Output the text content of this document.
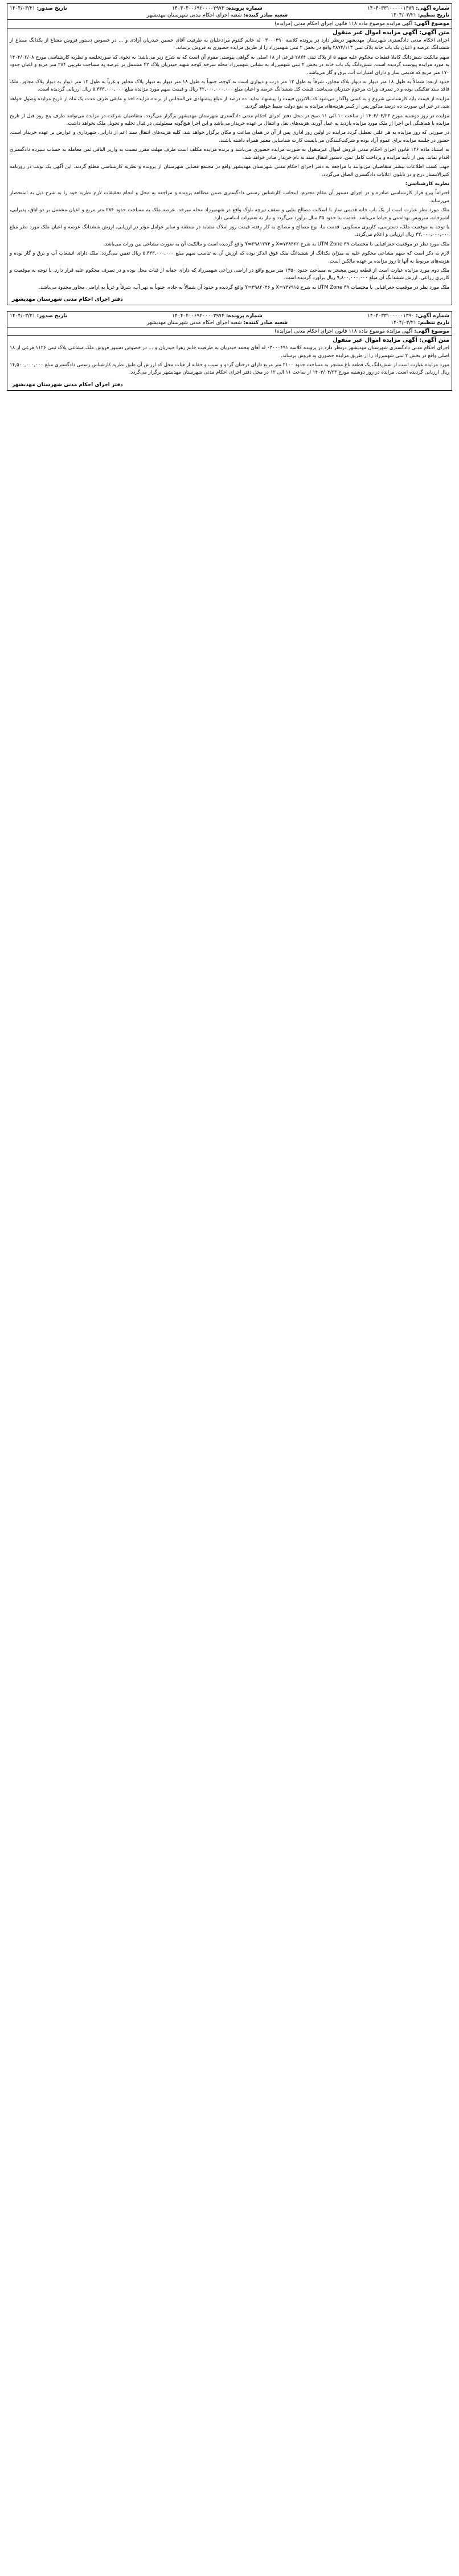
شماره آگهی: ۱۴۰۴۰۳۳۱۰۰۰۰۰۱۳۸۹
تاریخ تنظیم: ۱۴۰۴/۰۳/۲۱
شماره پرونده: ۱۴۰۴۰۴۰۰۶۹۲۰۰۰۰۳۹۷۳
شعبه صادر کننده: شعبه اجرای احکام مدنی شهرستان مهدیشهر
تاریخ صدور: ۱۴۰۴/۰۳/۲۱
موضوع آگهی: آگهی مزایده موضوع ماده ۱۱۸ قانون اجرای احکام مدنی (مزایده)
متن آگهی: آگهی مزایده اموال غیر منقول

اجرای احکام مدنی دادگستری شهرستان مهدیشهر درنظر دارد در پرونده کلاسه ۰۳۰۰۰۴۹۰ له خانم کلثوم مرادعلیان به طرفیت آقای حسین حیدریان آزادی و ... در خصوص دستور فروش مشاع از یکدانگ مشاع از ششدانگ عرصه و اعیان یک باب خانه پلاک ثبتی ۲۸۷۴/۱۱۳ واقع در بخش ۲ ثبتی شهمیرزاد را از طریق مزایده حضوری به فروش برساند.

سهم مالکیت شش‌دانگ کاملا قطعات محکوم علیه سهم ۵ از پلاک ثبتی ۲۸۷۴ فرعی از ۱۸ اصلی به گواهی پیوستی مقوم آن است که به شرح زیر می‌باشد؛ به نحوی که صورتجلسه و نظریه کارشناسی مورخ ۱۴۰۴/۰۲/۰۸ به مورد مزایده پیوست گردیده است. شش‌دانگ یک باب خانه در بخش ۲ ثبتی شهمیرزاد به نشانی شهمیرزاد محله سرخه کوچه شهید حیدریان پلاک ۴۲ مشتمل بر عرصه به مساحت تقریبی ۲۸۴ متر مربع و اعیان حدود ۱۷۰ متر مربع که قدیمی ساز و دارای امتیازات آب، برق و گاز می‌باشد.

حدود اربعه: شمالاً به طول ۱۸ متر دیوار به دیوار پلاک مجاور، شرقاً به طول ۱۲ متر درب و دیواری است به کوچه، جنوباً به طول ۱۸ متر دیوار به دیوار پلاک مجاور و غرباً به طول ۱۲ متر دیوار به دیوار پلاک مجاور. ملک فاقد سند تفکیکی بوده و در تصرف وراث مرحوم حیدریان می‌باشد. قیمت کل ششدانگ عرصه و اعیان مبلغ ۳۲,۰۰۰,۰۰۰,۰۰۰ ریال و قیمت سهم مورد مزایده مبلغ ۵,۳۳۳,۰۰۰,۰۰۰ ریال ارزیابی گردیده است.

مزایده از قیمت پایه کارشناسی شروع و به کسی واگذار می‌شود که بالاترین قیمت را پیشنهاد نماید. ده درصد از مبلغ پیشنهادی فی‌المجلس از برنده مزایده اخذ و مابقی ظرف مدت یک ماه از تاریخ مزایده وصول خواهد شد، در غیر این صورت ده درصد مذکور پس از کسر هزینه‌های مزایده به نفع دولت ضبط خواهد گردید.

مزایده در روز دوشنبه مورخ ۱۴۰۴/۰۴/۲۳ از ساعت ۱۰ الی ۱۱ صبح در محل دفتر اجرای احکام مدنی دادگستری شهرستان مهدیشهر برگزار می‌گردد. متقاضیان شرکت در مزایده می‌توانند ظرف پنج روز قبل از تاریخ مزایده با هماهنگی این اجرا از ملک مورد مزایده بازدید به عمل آورند. هزینه‌های نقل و انتقال بر عهده خریدار می‌باشد و این اجرا هیچ‌گونه مسئولیتی در قبال تخلیه و تحویل ملک نخواهد داشت.

در صورتی که روز مزایده به هر علتی تعطیل گردد مزایده در اولین روز اداری پس از آن در همان ساعت و مکان برگزار خواهد شد. کلیه هزینه‌های انتقال سند اعم از دارایی، شهرداری و عوارض بر عهده خریدار است. حضور در جلسه مزایده برای عموم آزاد بوده و شرکت‌کنندگان می‌بایست کارت شناسایی معتبر همراه داشته باشند.

به استناد ماده ۱۲۶ قانون اجرای احکام مدنی فروش اموال غیرمنقول به صورت مزایده حضوری می‌باشد و برنده مزایده مکلف است ظرف مهلت مقرر نسبت به واریز الباقی ثمن معامله به حساب سپرده دادگستری اقدام نماید. پس از تأیید مزایده و پرداخت کامل ثمن، دستور انتقال سند به نام خریدار صادر خواهد شد.

جهت کسب اطلاعات بیشتر متقاضیان می‌توانند با مراجعه به دفتر اجرای احکام مدنی شهرستان مهدیشهر واقع در مجتمع قضایی شهرستان از پرونده و نظریه کارشناسی مطلع گردند. این آگهی یک نوبت در روزنامه کثیرالانتشار درج و در تابلوی اعلانات دادگستری الصاق می‌گردد.

نظریه کارشناسی:

احتراماً پیرو قرار کارشناسی صادره و در اجرای دستور آن مقام محترم، اینجانب کارشناس رسمی دادگستری ضمن مطالعه پرونده و مراجعه به محل و انجام تحقیقات لازم نظریه خود را به شرح ذیل به استحضار می‌رساند.

ملک مورد نظر عبارت است از یک باب خانه قدیمی ساز با اسکلت مصالح بنایی و سقف تیرچه بلوک واقع در شهمیرزاد محله سرخه. عرصه ملک به مساحت حدود ۲۸۴ متر مربع و اعیان مشتمل بر دو اتاق، پذیرایی، آشپزخانه، سرویس بهداشتی و حیاط می‌باشد. قدمت بنا حدود ۳۵ سال برآورد می‌گردد و نیاز به تعمیرات اساسی دارد.

با توجه به موقعیت ملک، دسترسی، کاربری مسکونی، قدمت بنا، نوع مصالح و مصالح به کار رفته، قیمت روز املاک مشابه در منطقه و سایر عوامل مؤثر در ارزیابی، ارزش ششدانگ عرصه و اعیان ملک مورد نظر مبلغ ۳۲,۰۰۰,۰۰۰,۰۰۰ ریال ارزیابی و اعلام می‌گردد.

ملک مورد نظر در موقعیت جغرافیایی با مختصات UTM Zone ۳۹ به شرح X=۷۳۸۴۶۲ و Y=۳۹۸۱۲۷۴ واقع گردیده است و مالکیت آن به صورت مشاعی بین وراث می‌باشد.

لازم به ذکر است که سهم مشاعی محکوم علیه به میزان یکدانگ از ششدانگ ملک فوق الذکر بوده که ارزش آن به تناسب سهم مبلغ ۵,۳۳۳,۰۰۰,۰۰۰ ریال تعیین می‌گردد. ملک دارای انشعاب آب و برق و گاز بوده و هزینه‌های مربوط به آنها تا روز مزایده بر عهده مالکین است.

ملک دوم مورد مزایده عبارت است از قطعه زمین مشجر به مساحت حدود ۱۴۵۰ متر مربع واقع در اراضی زراعی شهمیرزاد که دارای حقابه از قنات محل بوده و در تصرف محکوم علیه قرار دارد. با توجه به موقعیت و کاربری زراعی، ارزش ششدانگ آن مبلغ ۹,۸۰۰,۰۰۰,۰۰۰ ریال برآورد گردیده است.

ملک مورد نظر در موقعیت جغرافیایی با مختصات UTM Zone ۳۹ به شرح X=۷۳۷۹۱۵ و Y=۳۹۸۲۰۴۶ واقع گردیده و حدود آن شمالاً به جاده، جنوباً به نهر آب، شرقاً و غرباً به اراضی مجاور محدود می‌باشد.

دفتر اجرای احکام مدنی شهرستان مهدیشهر
شماره آگهی: ۱۴۰۴۰۳۳۱۰۰۰۰۰۱۳۹۰
تاریخ تنظیم: ۱۴۰۴/۰۳/۲۱
شماره پرونده: ۱۴۰۴۰۴۰۰۶۹۲۰۰۰۰۳۹۷۴
شعبه صادر کننده: شعبه اجرای احکام مدنی شهرستان مهدیشهر
تاریخ صدور: ۱۴۰۴/۰۳/۲۱
موضوع آگهی: آگهی مزایده موضوع ماده ۱۱۸ قانون اجرای احکام مدنی (مزایده)
متن آگهی: آگهی مزایده اموال غیر منقول

اجرای احکام مدنی دادگستری شهرستان مهدیشهر درنظر دارد در پرونده کلاسه ۰۳۰۰۰۴۹۱ له آقای محمد حیدریان به طرفیت خانم زهرا حیدریان و ... در خصوص دستور فروش ملک مشاعی پلاک ثبتی ۱۱۲۶ فرعی از ۱۸ اصلی واقع در بخش ۲ ثبتی شهمیرزاد را از طریق مزایده حضوری به فروش برساند.

مورد مزایده عبارت است از شش‌دانگ یک قطعه باغ مشجر به مساحت حدود ۲۱۰۰ متر مربع دارای درختان گردو و سیب و حقابه از قنات محل که ارزش آن طبق نظریه کارشناس رسمی دادگستری مبلغ ۱۴,۵۰۰,۰۰۰,۰۰۰ ریال ارزیابی گردیده است. مزایده در روز دوشنبه مورخ ۱۴۰۴/۰۴/۲۳ از ساعت ۱۱ الی ۱۲ در محل دفتر اجرای احکام مدنی شهرستان مهدیشهر برگزار می‌گردد.

دفتر اجرای احکام مدنی شهرستان مهدیشهر
